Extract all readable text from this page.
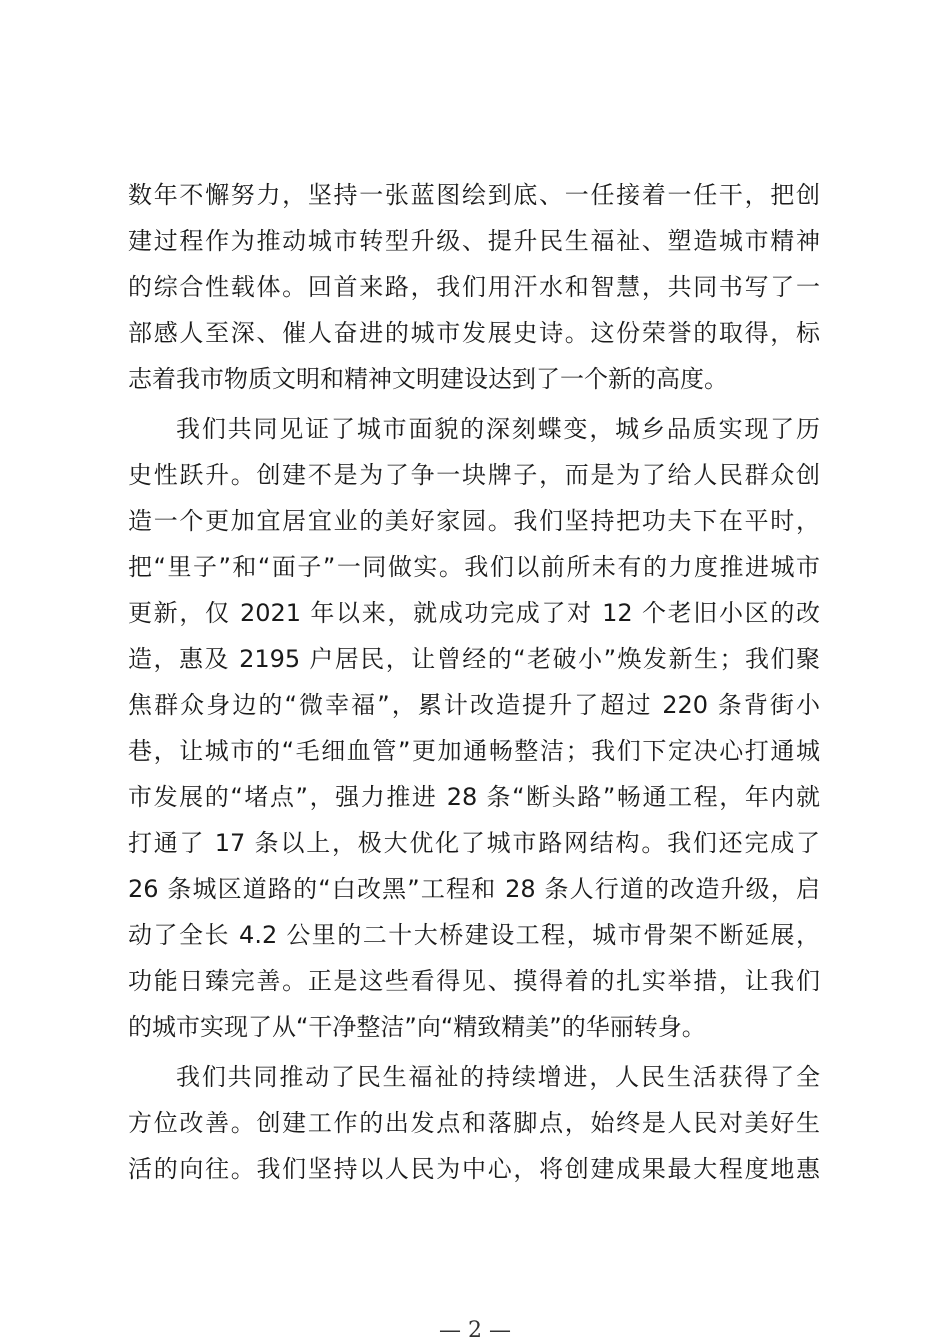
数年不懈努力，坚持一张蓝图绘到底、一任接着一任干，把创
建过程作为推动城市转型升级、提升民生福祉、塑造城市精神
的综合性载体。回首来路，我们用汗水和智慧，共同书写了一
部感人至深、催人奋进的城市发展史诗。这份荣誉的取得，标
志着我市物质文明和精神文明建设达到了一个新的高度。

我们共同见证了城市面貌的深刻蝶变，城乡品质实现了历
史性跃升。创建不是为了争一块牌子，而是为了给人民群众创
造一个更加宜居宜业的美好家园。我们坚持把功夫下在平时，
把“里子”和“面子”一同做实。我们以前所未有的力度推进城市
更新，仅 2021 年以来，就成功完成了对 12 个老旧小区的改
造，惠及 2195 户居民，让曾经的“老破小”焕发新生；我们聚
焦群众身边的“微幸福”，累计改造提升了超过 220 条背街小
巷，让城市的“毛细血管”更加通畅整洁；我们下定决心打通城
市发展的“堵点”，强力推进 28 条“断头路”畅通工程，年内就
打通了 17 条以上，极大优化了城市路网结构。我们还完成了
26 条城区道路的“白改黑”工程和 28 条人行道的改造升级，启
动了全长 4.2 公里的二十大桥建设工程，城市骨架不断延展，
功能日臻完善。正是这些看得见、摸得着的扎实举措，让我们
的城市实现了从“干净整洁”向“精致精美”的华丽转身。

我们共同推动了民生福祉的持续增进，人民生活获得了全
方位改善。创建工作的出发点和落脚点，始终是人民对美好生
活的向往。我们坚持以人民为中心，将创建成果最大程度地惠

— 2 —
